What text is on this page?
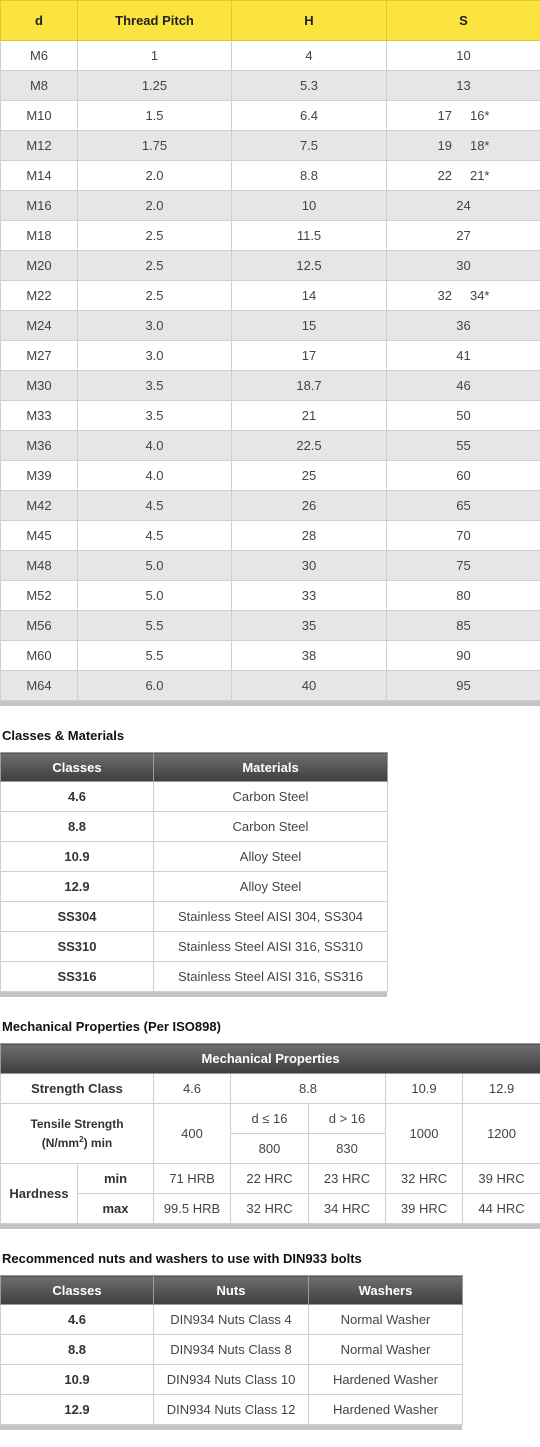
d	Thread Pitch	H	S
M6	1	4	10
M8	1.25	5.3	13
M10	1.5	6.4	17 16*
M12	1.75	7.5	19 18*
M14	2.0	8.8	22 21*
M16	2.0	10	24
M18	2.5	11.5	27
M20	2.5	12.5	30
M22	2.5	14	32 34*
M24	3.0	15	36
M27	3.0	17	41
M30	3.5	18.7	46
M33	3.5	21	50
M36	4.0	22.5	55
M39	4.0	25	60
M42	4.5	26	65
M45	4.5	28	70
M48	5.0	30	75
M52	5.0	33	80
M56	5.5	35	85
M60	5.5	38	90
M64	6.0	40	95
Classes & Materials
Classes	Materials
4.6	Carbon Steel
8.8	Carbon Steel
10.9	Alloy Steel
12.9	Alloy Steel
SS304	Stainless Steel AISI 304, SS304
SS310	Stainless Steel AISI 316, SS310
SS316	Stainless Steel AISI 316, SS316
Mechanical Properties (Per ISO898)
Mechanical Properties						
Strength Class		4.6	8.8		10.9	12.9
Tensile Strength
$(N/mm^2)$ min		400	d ≤ 16	d > 16	1000	1200
			800	830		
Hardness	min	71 HRB	22 HRC	23 HRC	32 HRC	39 HRC
	max	99.5 HRB	32 HRC	34 HRC	39 HRC	44 HRC
Recommenced nuts and washers to use with DIN933 bolts
Classes	Nuts	Washers
4.6	DIN934 Nuts Class 4	Normal Washer
8.8	DIN934 Nuts Class 8	Normal Washer
10.9	DIN934 Nuts Class 10	Hardened Washer
12.9	DIN934 Nuts Class 12	Hardened Washer
